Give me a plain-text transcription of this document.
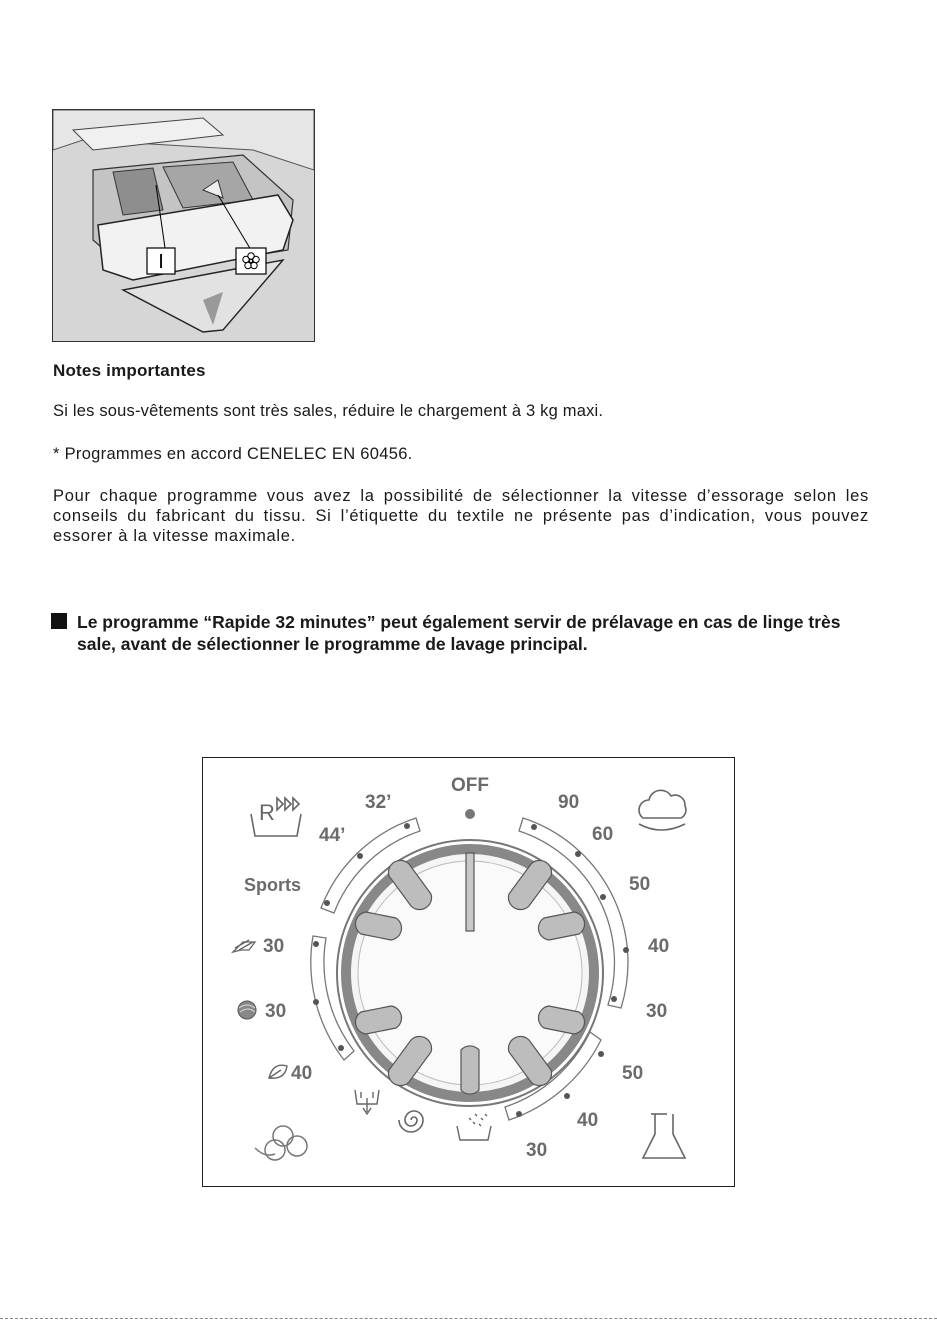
I
Notes importantes
Si les sous-vêtements sont très sales, réduire le chargement à 3 kg maxi.
* Programmes en accord CENELEC EN 60456.
Pour chaque programme vous avez la possibilité de sélectionner la vitesse d’essorage selon les conseils du fabricant du tissu. Si l’étiquette du textile ne présente pas d’indication, vous pouvez essorer à la vitesse maximale.
Le programme “Rapide 32 minutes” peut également servir de prélavage en cas de linge très sale, avant de sélectionner le programme de lavage principal.
OFF
90
60
50
40
30
50
40
30
32’
44’
Sports
30
30
40
R
